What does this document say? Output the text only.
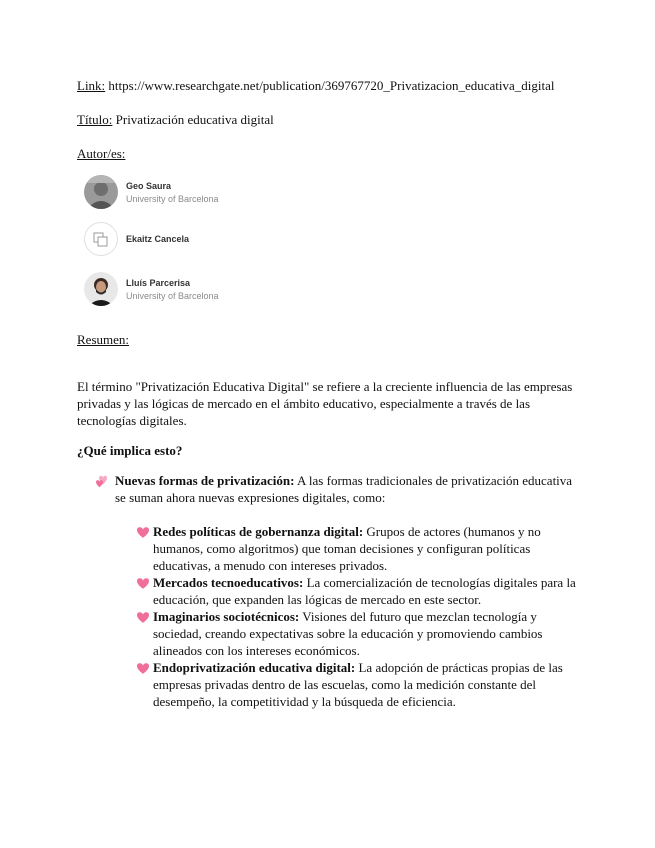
Link: https://www.researchgate.net/publication/369767720_Privatizacion_educativa_digital
Título: Privatización educativa digital
Autor/es:
Geo Saura
University of Barcelona
Ekaitz Cancela
Lluís Parcerisa
University of Barcelona
Resumen:
El término "Privatización Educativa Digital" se refiere a la creciente influencia de las empresas privadas y las lógicas de mercado en el ámbito educativo, especialmente a través de las tecnologías digitales.
¿Qué implica esto?
Nuevas formas de privatización: A las formas tradicionales de privatización educativa se suman ahora nuevas expresiones digitales, como:
Redes políticas de gobernanza digital: Grupos de actores (humanos y no humanos, como algoritmos) que toman decisiones y configuran políticas educativas, a menudo con intereses privados.
Mercados tecnoeducativos: La comercialización de tecnologías digitales para la educación, que expanden las lógicas de mercado en este sector.
Imaginarios sociotécnicos: Visiones del futuro que mezclan tecnología y sociedad, creando expectativas sobre la educación y promoviendo cambios alineados con los intereses económicos.
Endoprivatización educativa digital: La adopción de prácticas propias de las empresas privadas dentro de las escuelas, como la medición constante del desempeño, la competitividad y la búsqueda de eficiencia.
